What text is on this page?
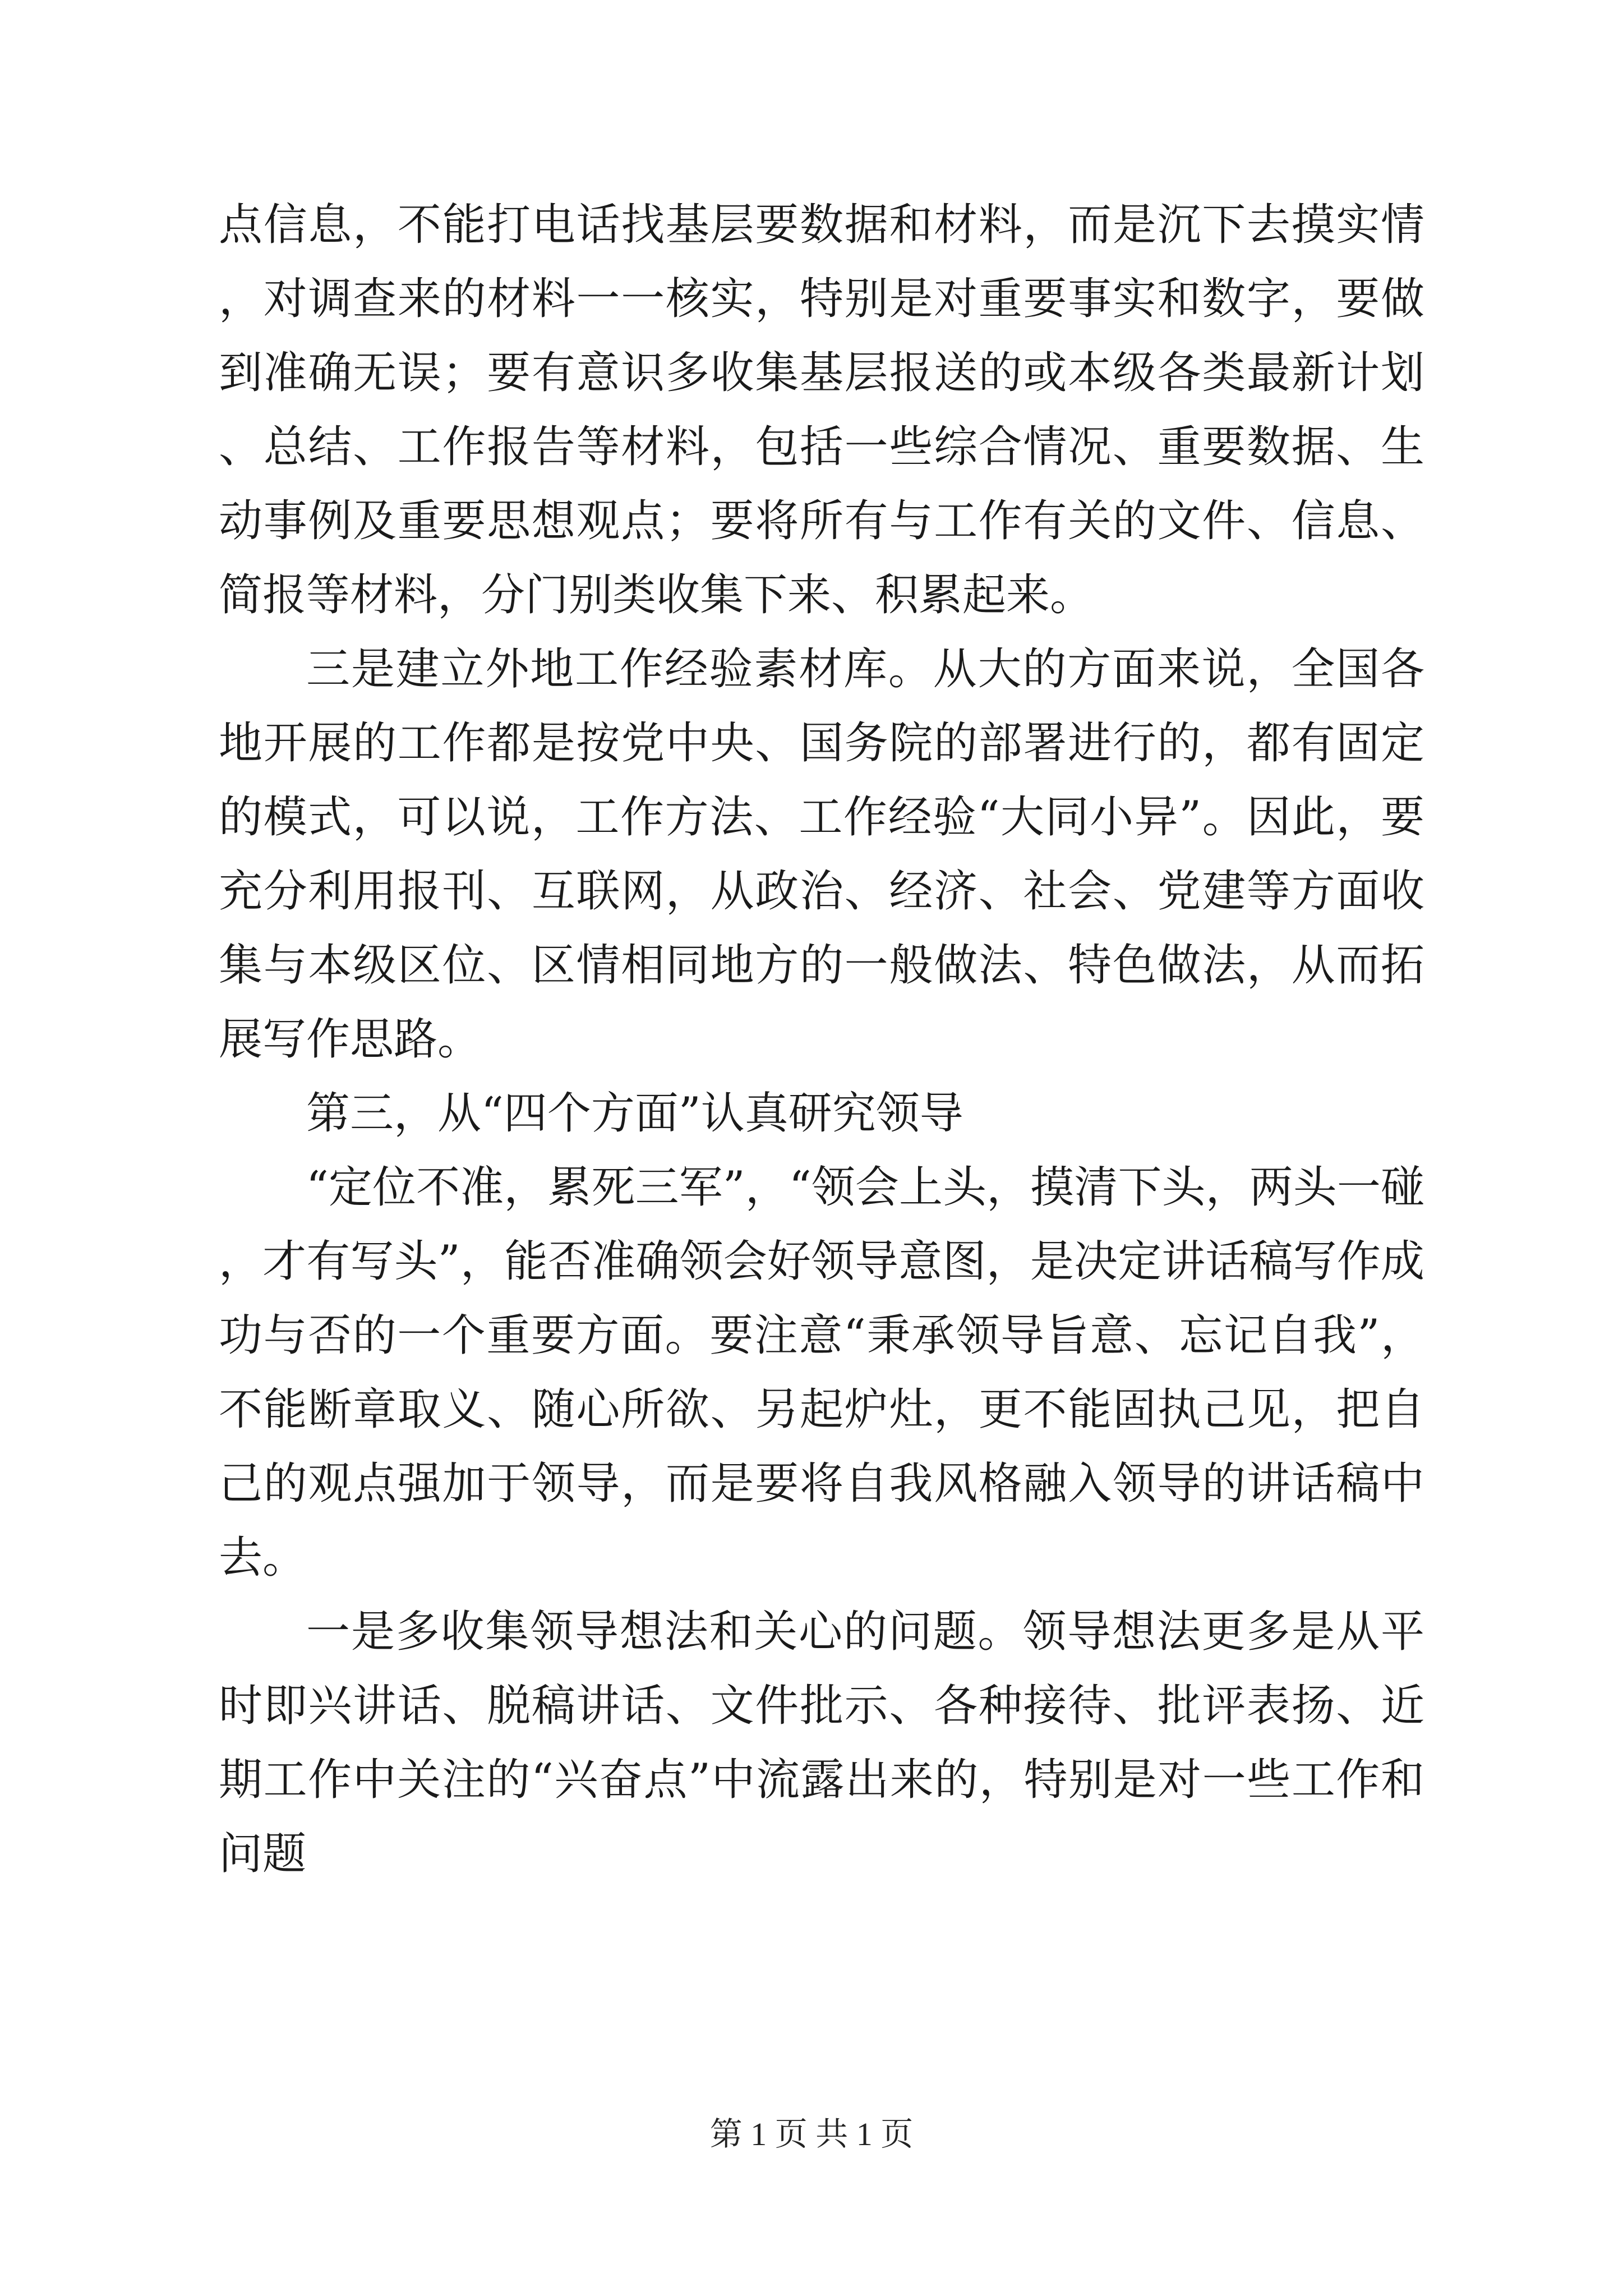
点信息，不能打电话找基层要数据和材料，而是沉下去摸实情，对调查来的材料一一核实，特别是对重要事实和数字，要做到准确无误；要有意识多收集基层报送的或本级各类最新计划、总结、工作报告等材料，包括一些综合情况、重要数据、生动事例及重要思想观点；要将所有与工作有关的文件、信息、简报等材料，分门别类收集下来、积累起来。

三是建立外地工作经验素材库。从大的方面来说，全国各地开展的工作都是按党中央、国务院的部署进行的，都有固定的模式，可以说，工作方法、工作经验“大同小异”。因此，要充分利用报刊、互联网，从政治、经济、社会、党建等方面收集与本级区位、区情相同地方的一般做法、特色做法，从而拓展写作思路。

第三，从“四个方面”认真研究领导

“定位不准，累死三军”，“领会上头，摸清下头，两头一碰，才有写头”，能否准确领会好领导意图，是决定讲话稿写作成功与否的一个重要方面。要注意“秉承领导旨意、忘记自我”，不能断章取义、随心所欲、另起炉灶，更不能固执己见，把自己的观点强加于领导，而是要将自我风格融入领导的讲话稿中去。

一是多收集领导想法和关心的问题。领导想法更多是从平时即兴讲话、脱稿讲话、文件批示、各种接待、批评表扬、近期工作中关注的“兴奋点”中流露出来的，特别是对一些工作和问题

第 1 页 共 1 页
